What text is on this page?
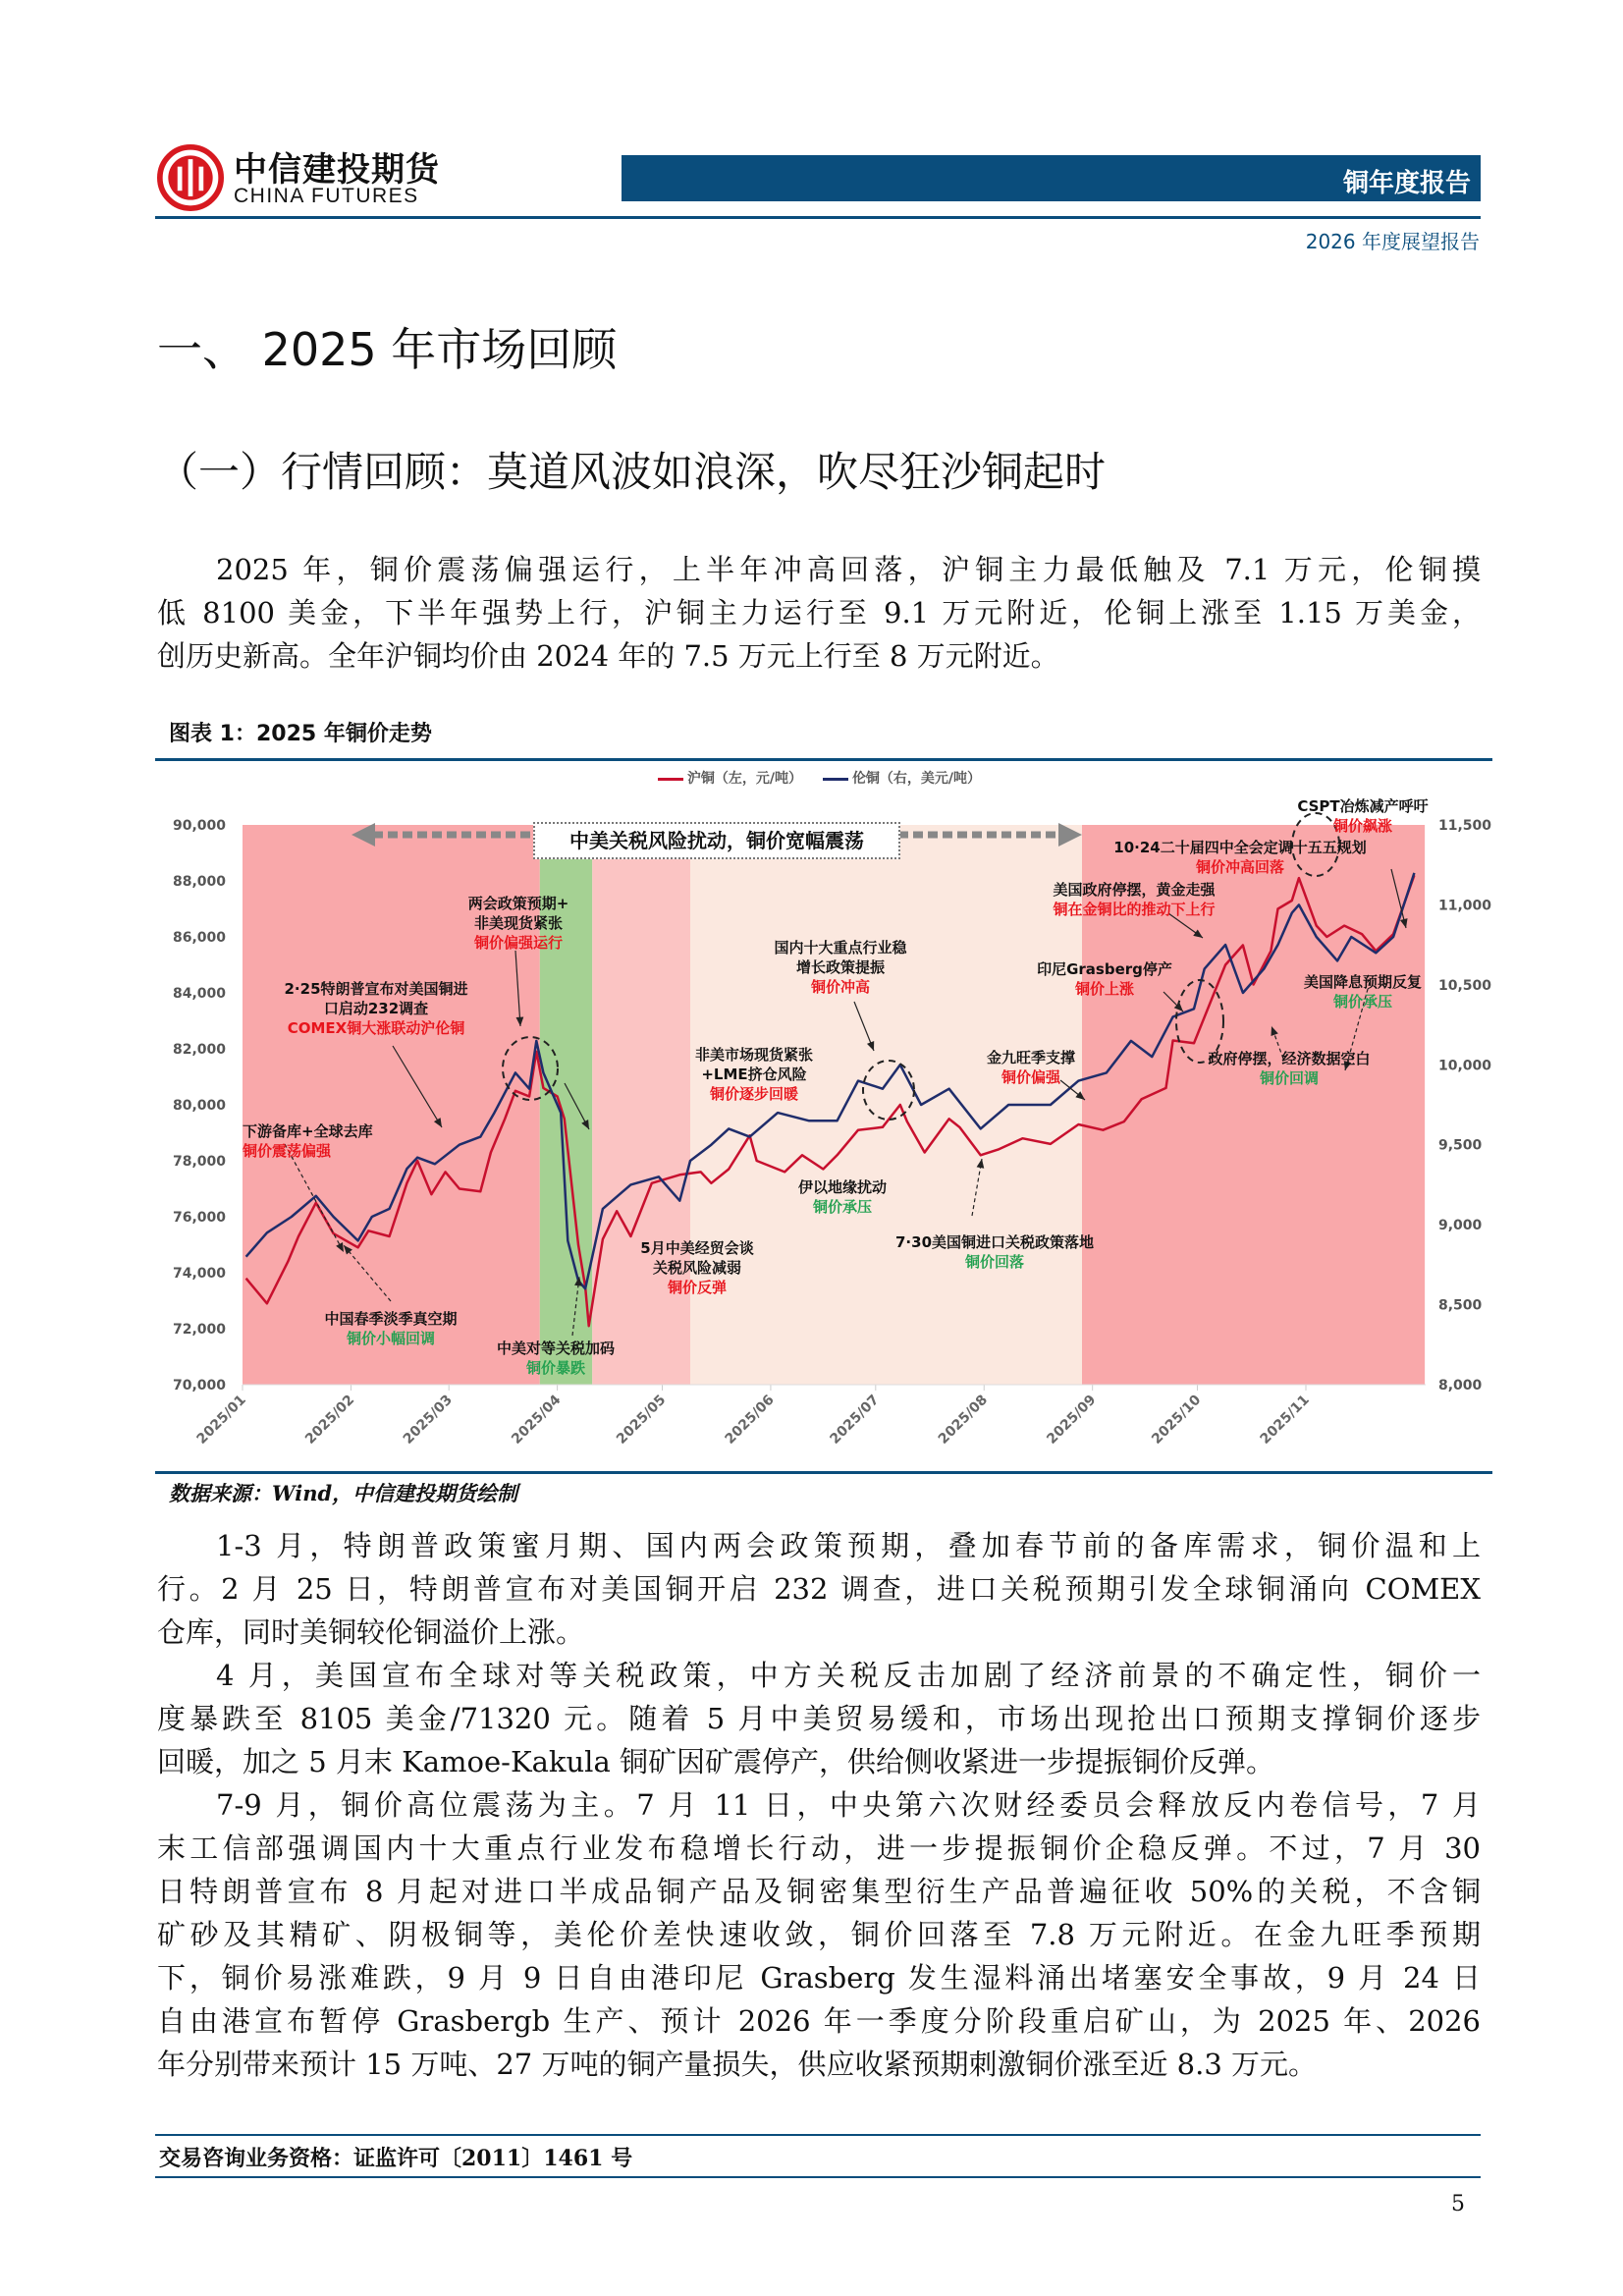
中信建投期货
CHINA FUTURES	铜年度报告
2026 年度展望报告
一、 2025 年市场回顾
（一）行情回顾：莫道风波如浪深，吹尽狂沙铜起时
2025 年，铜价震荡偏强运行，上半年冲高回落，沪铜主力最低触及 7.1 万元，伦铜摸
低 8100 美金，下半年强势上行，沪铜主力运行至 9.1 万元附近，伦铜上涨至 1.15 万美金，
创历史新高。全年沪铜均价由 2024 年的 7.5 万元上行至 8 万元附近。
图表 1：2025 年铜价走势
70,000
72,000
74,000
76,000
78,000
80,000
82,000
84,000
86,000
88,000
90,000
8,000
8,500
9,000
9,500
10,000
10,500
11,000
11,500
2025/01	2025/02	2025/03	2025/04	2025/05	2025/06	2025/07	2025/08	2025/09	2025/10	2025/11
沪铜（左，元/吨）	伦铜（右，美元/吨）
中美关税风险扰动，铜价宽幅震荡
两会政策预期+
非美现货紧张
铜价偏强运行
2·25特朗普宣布对美国铜进
口启动232调查
COMEX铜大涨联动沪伦铜
下游备库+全球去库
铜价震荡偏强
国内十大重点行业稳
增长政策提振
铜价冲高
非美市场现货紧张
+LME挤仓风险
铜价逐步回暖
金九旺季支撑
铜价偏强
印尼Grasberg停产
铜价上涨
美国政府停摆，黄金走强
铜在金铜比的推动下上行
10·24二十届四中全会定调十五五规划
铜价冲高回落
CSPT冶炼减产呼吁
铜价飙涨
美国降息预期反复
铜价承压
政府停摆，经济数据空白
铜价回调
伊以地缘扰动
铜价承压
7·30美国铜进口关税政策落地
铜价回落
5月中美经贸会谈
关税风险减弱
铜价反弹
中国春季淡季真空期
铜价小幅回调
中美对等关税加码
铜价暴跌
数据来源：Wind，中信建投期货绘制
1-3 月，特朗普政策蜜月期、国内两会政策预期，叠加春节前的备库需求，铜价温和上
行。2 月 25 日，特朗普宣布对美国铜开启 232 调查，进口关税预期引发全球铜涌向 COMEX
仓库，同时美铜较伦铜溢价上涨。
4 月，美国宣布全球对等关税政策，中方关税反击加剧了经济前景的不确定性，铜价一
度暴跌至 8105 美金/71320 元。随着 5 月中美贸易缓和，市场出现抢出口预期支撑铜价逐步
回暖，加之 5 月末 Kamoe-Kakula 铜矿因矿震停产，供给侧收紧进一步提振铜价反弹。
7-9 月，铜价高位震荡为主。7 月 11 日，中央第六次财经委员会释放反内卷信号，7 月
末工信部强调国内十大重点行业发布稳增长行动，进一步提振铜价企稳反弹。不过，7 月 30
日特朗普宣布 8 月起对进口半成品铜产品及铜密集型衍生产品普遍征收 50%的关税，不含铜
矿砂及其精矿、阴极铜等，美伦价差快速收敛，铜价回落至 7.8 万元附近。在金九旺季预期
下，铜价易涨难跌，9 月 9 日自由港印尼 Grasberg 发生湿料涌出堵塞安全事故，9 月 24 日
自由港宣布暂停 Grasbergb 生产、预计 2026 年一季度分阶段重启矿山，为 2025 年、2026
年分别带来预计 15 万吨、27 万吨的铜产量损失，供应收紧预期刺激铜价涨至近 8.3 万元。
交易咨询业务资格：证监许可〔2011〕1461 号
5
